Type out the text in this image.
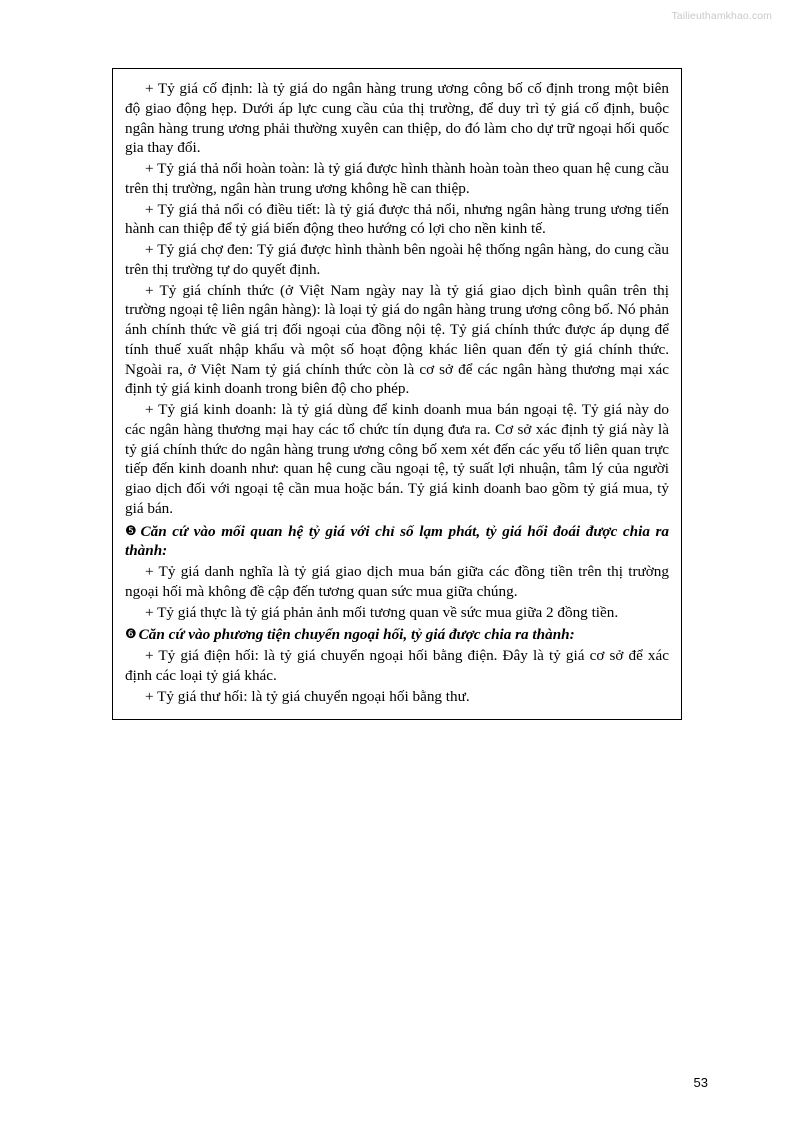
Tailieuthamkhao.com

+ Tỷ giá cố định: là tỷ giá do ngân hàng trung ương công bố cố định trong một biên độ giao động hẹp. Dưới áp lực cung cầu của thị trường, để duy trì tỷ giá cố định, buộc ngân hàng trung ương phải thường xuyên can thiệp, do đó làm cho dự trữ ngoại hối quốc gia thay đổi.

+ Tỷ giá thả nổi hoàn toàn: là tỷ giá được hình thành hoàn toàn theo quan hệ cung cầu trên thị trường, ngân hàn trung ương không hề can thiệp.

+ Tỷ giá thả nổi có điều tiết: là tỷ giá được thả nổi, nhưng ngân hàng trung ương tiến hành can thiệp để tỷ giá biến động theo hướng có lợi cho nền kinh tế.

+ Tỷ giá chợ đen: Tỷ giá được hình thành bên ngoài hệ thống ngân hàng, do cung cầu trên thị trường tự do quyết định.

+ Tỷ giá chính thức (ở Việt Nam ngày nay là tỷ giá giao dịch bình quân trên thị trường ngoại tệ liên ngân hàng): là loại tỷ giá do ngân hàng trung ương công bố. Nó phản ánh chính thức về giá trị đối ngoại của đồng nội tệ. Tỷ giá chính thức được áp dụng để tính thuế xuất nhập khẩu và một số hoạt động khác liên quan đến tỷ giá chính thức. Ngoài ra, ở Việt Nam tỷ giá chính thức còn là cơ sở để các ngân hàng thương mại xác định tỷ giá kinh doanh trong biên độ cho phép.

+ Tỷ giá kinh doanh: là tỷ giá dùng để kinh doanh mua bán ngoại tệ. Tỷ giá này do các ngân hàng thương mại hay các tổ chức tín dụng đưa ra. Cơ sở xác định tỷ giá này là tỷ giá chính thức do ngân hàng trung ương công bố xem xét đến các yếu tố liên quan trực tiếp đến kinh doanh như: quan hệ cung cầu ngoại tệ, tỷ suất lợi nhuận, tâm lý của người giao dịch đối với ngoại tệ cần mua hoặc bán. Tỷ giá kinh doanh bao gồm tỷ giá mua, tỷ giá bán.

❺ Căn cứ vào mối quan hệ tỷ giá với chỉ số lạm phát, tỷ giá hối đoái được chia ra thành:

+ Tỷ giá danh nghĩa là tỷ giá giao dịch mua bán giữa các đồng tiền trên thị trường ngoại hối mà không đề cập đến tương quan sức mua giữa chúng.

+ Tỷ giá thực là tỷ giá phản ảnh mối tương quan về sức mua giữa 2 đồng tiền.

❻ Căn cứ vào phương tiện chuyển ngoại hối, tỷ giá được chia ra thành:

+ Tỷ giá điện hối: là tỷ giá chuyển ngoại hối bằng điện. Đây là tỷ giá cơ sở để xác định các loại tỷ giá khác.

+ Tỷ giá thư hối: là tỷ giá chuyển ngoại hối bằng thư.

53
